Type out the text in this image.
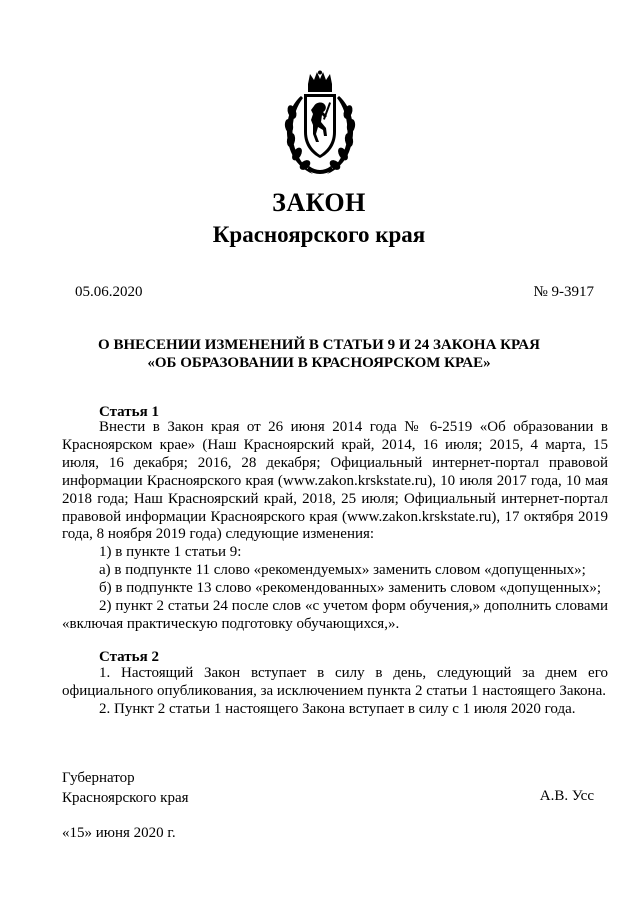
ЗАКОН
Красноярского края
05.06.2020	№ 9-3917
О ВНЕСЕНИИ ИЗМЕНЕНИЙ В СТАТЬИ 9 И 24 ЗАКОНА КРАЯ
«ОБ ОБРАЗОВАНИИ В КРАСНОЯРСКОМ КРАЕ»
Статья 1

Внести в Закон края от 26 июня 2014 года № 6-2519 «Об образовании в Красноярском крае» (Наш Красноярский край, 2014, 16 июля; 2015, 4 марта, 15 июля, 16 декабря; 2016, 28 декабря; Официальный интернет-портал правовой информации Красноярского края (www.zakon.krskstate.ru), 10 июля 2017 года, 10 мая 2018 года; Наш Красноярский край, 2018, 25 июля; Официальный интернет-портал правовой информации Красноярского края (www.zakon.krskstate.ru), 17 октября 2019 года, 8 ноября 2019 года) следующие изменения:

1) в пункте 1 статьи 9:

а) в подпункте 11 слово «рекомендуемых» заменить словом «допущенных»;

б) в подпункте 13 слово «рекомендованных» заменить словом «допущенных»;

2) пункт 2 статьи 24 после слов «с учетом форм обучения,» дополнить словами «включая практическую подготовку обучающихся,».

Статья 2

1. Настоящий Закон вступает в силу в день, следующий за днем его официального опубликования, за исключением пункта 2 статьи 1 настоящего Закона.

2. Пункт 2 статьи 1 настоящего Закона вступает в силу с 1 июля 2020 года.

Губернатор
Красноярского края	А.В. Усс
«15» июня 2020 г.
